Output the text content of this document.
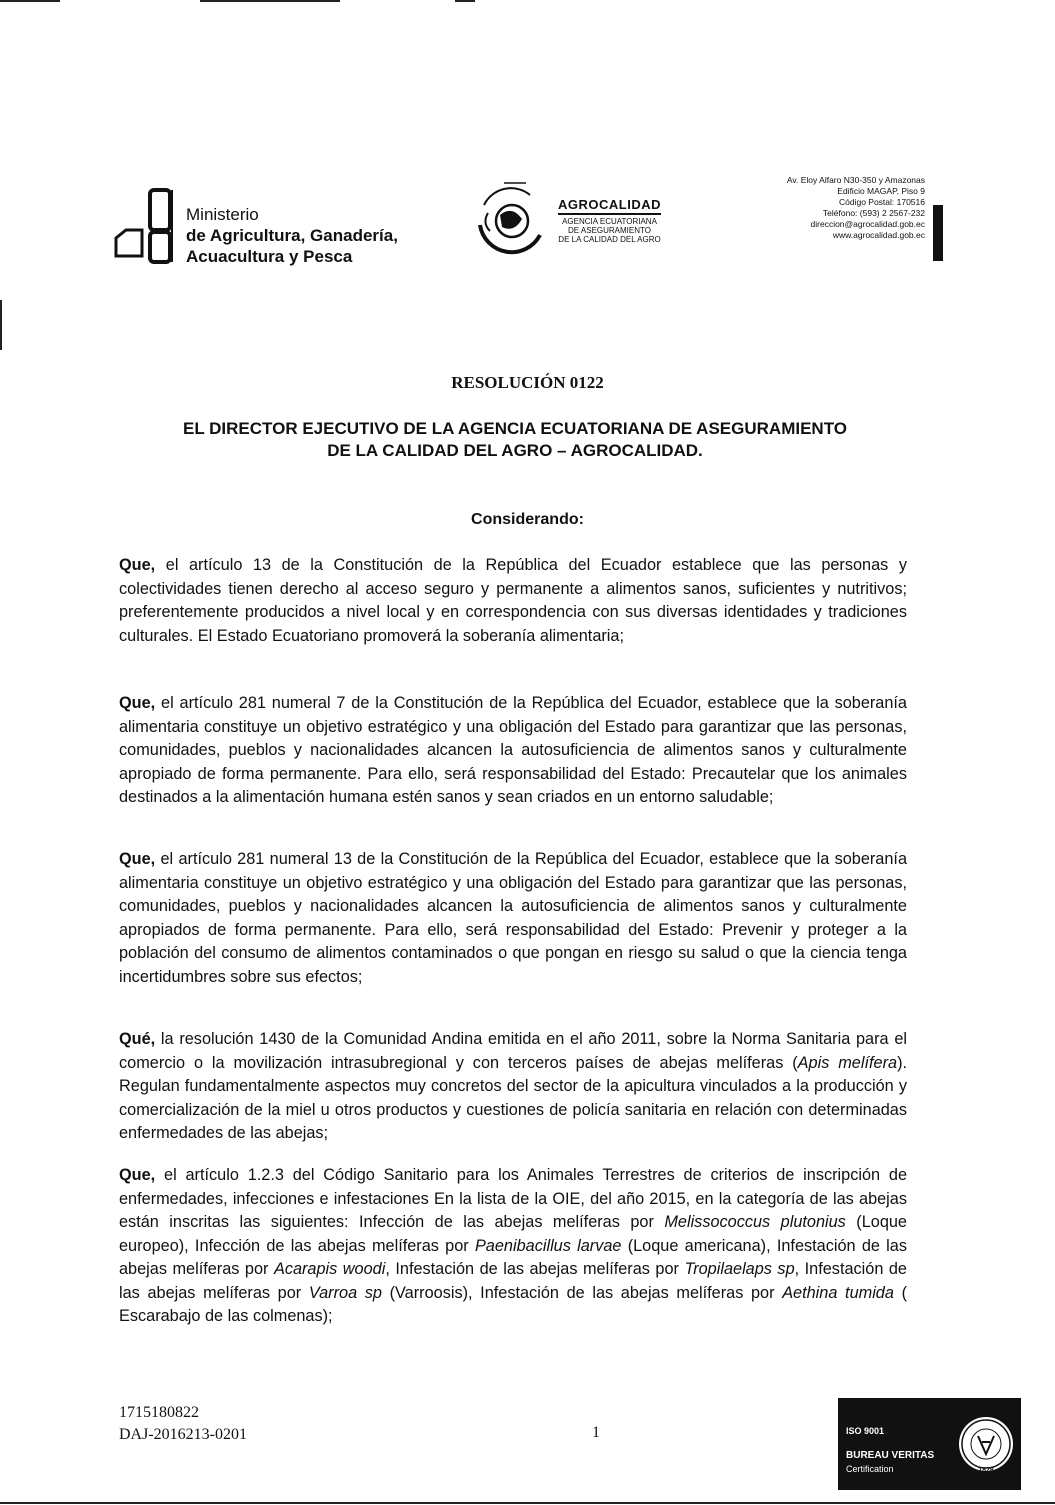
Ministerio
de Agricultura, Ganadería,
Acuacultura y Pesca
AGROCALIDAD
AGENCIA ECUATORIANA
DE ASEGURAMIENTO
DE LA CALIDAD DEL AGRO
Av. Eloy Alfaro N30-350 y Amazonas
Edificio MAGAP, Piso 9
Código Postal: 170516
Teléfono: (593) 2 2567-232
direccion@agrocalidad.gob.ec
www.agrocalidad.gob.ec
RESOLUCIÓN 0122
EL DIRECTOR EJECUTIVO DE LA AGENCIA ECUATORIANA DE ASEGURAMIENTO
DE LA CALIDAD DEL AGRO – AGROCALIDAD.
Considerando:
Que, el artículo 13 de la Constitución de la República del Ecuador establece que las personas y colectividades tienen derecho al acceso seguro y permanente a alimentos sanos, suficientes y nutritivos; preferentemente producidos a nivel local y en correspondencia con sus diversas identidades y tradiciones culturales. El Estado Ecuatoriano promoverá la soberanía alimentaria;
Que, el artículo 281 numeral 7 de la Constitución de la República del Ecuador, establece que la soberanía alimentaria constituye un objetivo estratégico y una obligación del Estado para garantizar que las personas, comunidades, pueblos y nacionalidades alcancen la autosuficiencia de alimentos sanos y culturalmente apropiado de forma permanente. Para ello, será responsabilidad del Estado: Precautelar que los animales destinados a la alimentación humana estén sanos y sean criados en un entorno saludable;
Que, el artículo 281 numeral 13 de la Constitución de la República del Ecuador, establece que la soberanía alimentaria constituye un objetivo estratégico y una obligación del Estado para garantizar que las personas, comunidades, pueblos y nacionalidades alcancen la autosuficiencia de alimentos sanos y culturalmente apropiados de forma permanente. Para ello, será responsabilidad del Estado: Prevenir y proteger a la población del consumo de alimentos contaminados o que pongan en riesgo su salud o que la ciencia tenga incertidumbres sobre sus efectos;
Qué, la resolución 1430 de la Comunidad Andina emitida en el año 2011, sobre la Norma Sanitaria para el comercio o la movilización intrasubregional y con terceros países de abejas melíferas (Apis melífera). Regulan fundamentalmente aspectos muy concretos del sector de la apicultura vinculados a la producción y comercialización de la miel u otros productos y cuestiones de policía sanitaria en relación con determinadas enfermedades de las abejas;
Que, el artículo 1.2.3 del Código Sanitario para los Animales Terrestres de criterios de inscripción de enfermedades, infecciones e infestaciones En la lista de la OIE, del año 2015, en la categoría de las abejas están inscritas las siguientes: Infección de las abejas melíferas por Melissococcus plutonius (Loque europeo), Infección de las abejas melíferas por Paenibacillus larvae (Loque americana), Infestación de las abejas melíferas por Acarapis woodi, Infestación de las abejas melíferas por Tropilaelaps sp, Infestación de las abejas melíferas por Varroa sp (Varroosis), Infestación de las abejas melíferas por Aethina tumida ( Escarabajo de las colmenas);
1715180822
DAJ-2016213-0201	1	ISO 9001
BUREAU VERITAS
Certification	1828
